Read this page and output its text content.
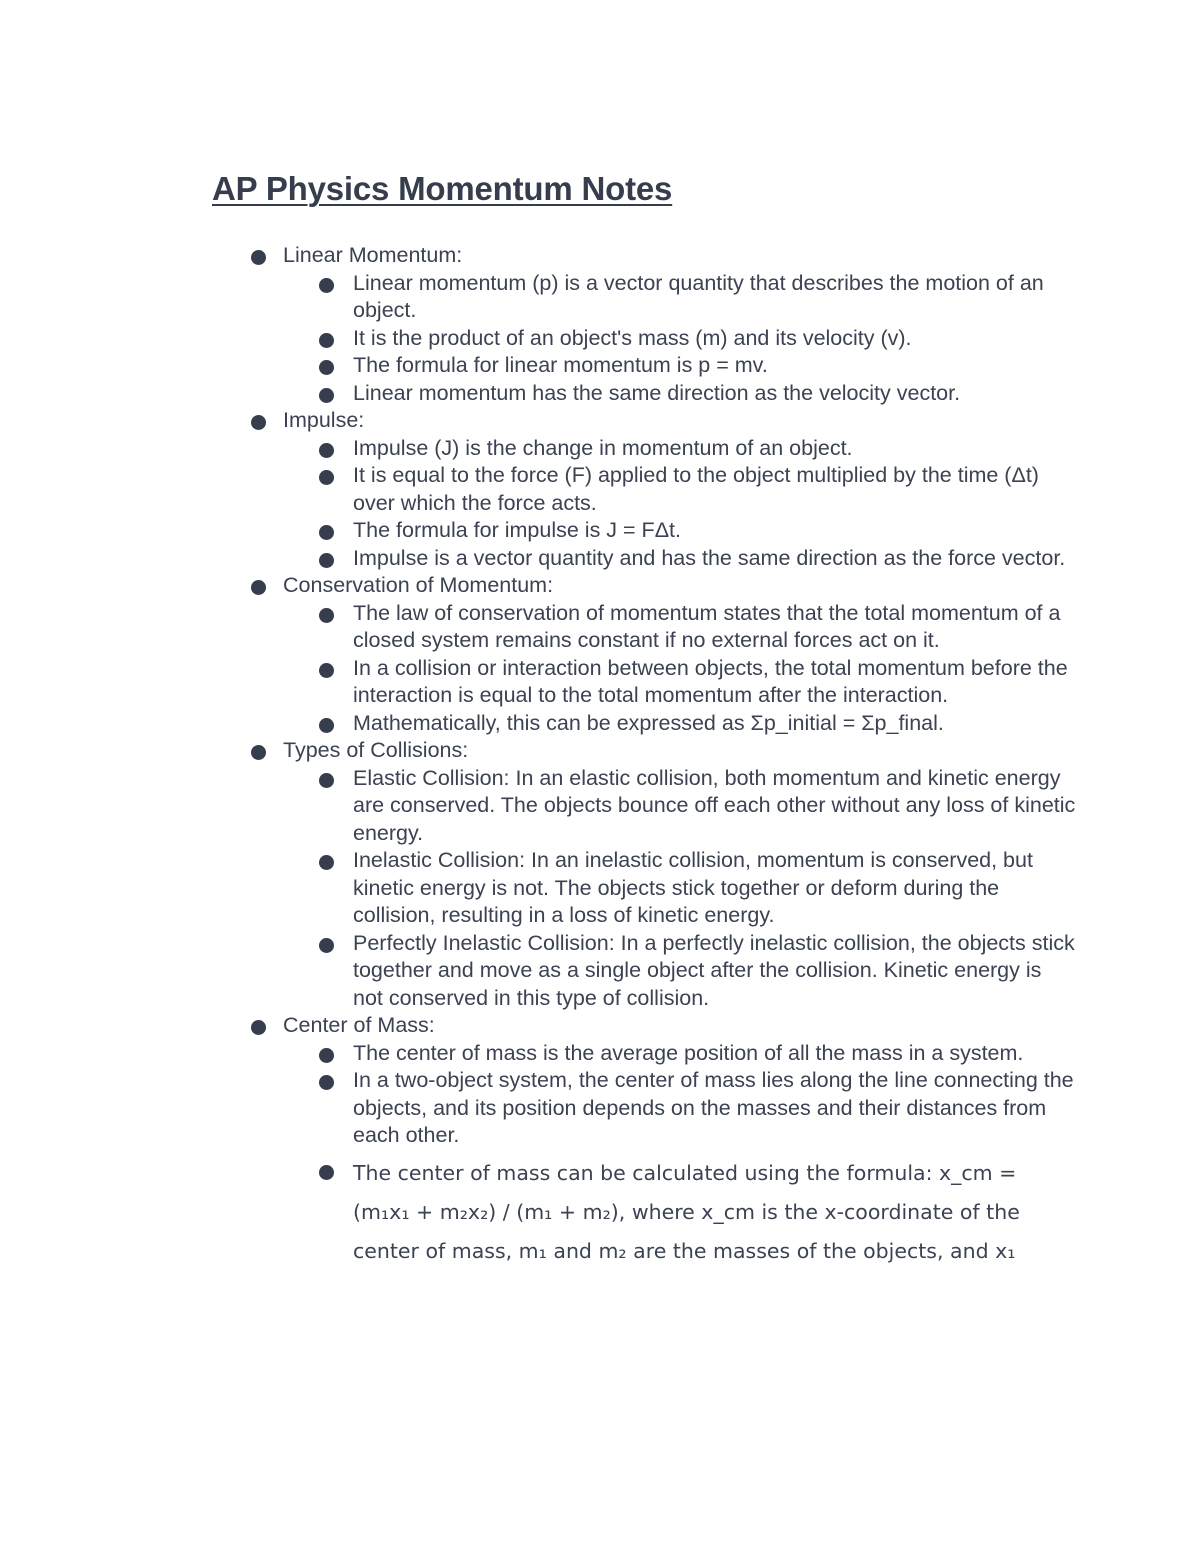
AP Physics Momentum Notes
Linear Momentum:
Linear momentum (p) is a vector quantity that describes the motion of an object.
It is the product of an object's mass (m) and its velocity (v).
The formula for linear momentum is p = mv.
Linear momentum has the same direction as the velocity vector.
Impulse:
Impulse (J) is the change in momentum of an object.
It is equal to the force (F) applied to the object multiplied by the time (Δt) over which the force acts.
The formula for impulse is J = FΔt.
Impulse is a vector quantity and has the same direction as the force vector.
Conservation of Momentum:
The law of conservation of momentum states that the total momentum of a closed system remains constant if no external forces act on it.
In a collision or interaction between objects, the total momentum before the interaction is equal to the total momentum after the interaction.
Mathematically, this can be expressed as Σp_initial = Σp_final.
Types of Collisions:
Elastic Collision: In an elastic collision, both momentum and kinetic energy are conserved. The objects bounce off each other without any loss of kinetic energy.
Inelastic Collision: In an inelastic collision, momentum is conserved, but kinetic energy is not. The objects stick together or deform during the collision, resulting in a loss of kinetic energy.
Perfectly Inelastic Collision: In a perfectly inelastic collision, the objects stick together and move as a single object after the collision. Kinetic energy is not conserved in this type of collision.
Center of Mass:
The center of mass is the average position of all the mass in a system.
In a two-object system, the center of mass lies along the line connecting the objects, and its position depends on the masses and their distances from each other.
The center of mass can be calculated using the formula: x_cm = (m₁x₁ + m₂x₂) / (m₁ + m₂), where x_cm is the x-coordinate of the center of mass, m₁ and m₂ are the masses of the objects, and x₁
